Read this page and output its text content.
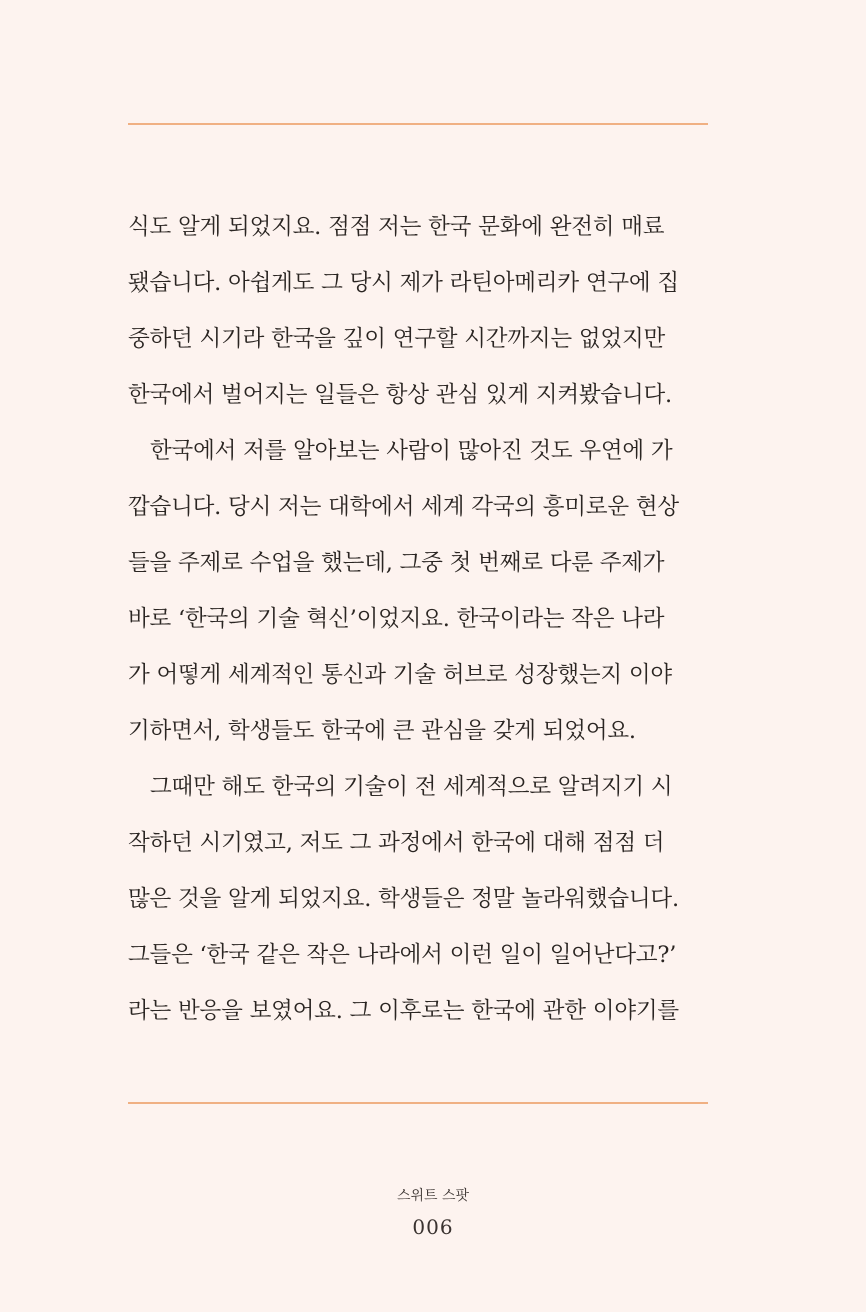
식도 알게 되었지요. 점점 저는 한국 문화에 완전히 매료
됐습니다. 아쉽게도 그 당시 제가 라틴아메리카 연구에 집
중하던 시기라 한국을 깊이 연구할 시간까지는 없었지만
한국에서 벌어지는 일들은 항상 관심 있게 지켜봤습니다.
한국에서 저를 알아보는 사람이 많아진 것도 우연에 가
깝습니다. 당시 저는 대학에서 세계 각국의 흥미로운 현상
들을 주제로 수업을 했는데, 그중 첫 번째로 다룬 주제가
바로 ‘한국의 기술 혁신’이었지요. 한국이라는 작은 나라
가 어떻게 세계적인 통신과 기술 허브로 성장했는지 이야
기하면서, 학생들도 한국에 큰 관심을 갖게 되었어요.
그때만 해도 한국의 기술이 전 세계적으로 알려지기 시
작하던 시기였고, 저도 그 과정에서 한국에 대해 점점 더
많은 것을 알게 되었지요. 학생들은 정말 놀라워했습니다.
그들은 ‘한국 같은 작은 나라에서 이런 일이 일어난다고?’
라는 반응을 보였어요. 그 이후로는 한국에 관한 이야기를
스위트 스팟
006
